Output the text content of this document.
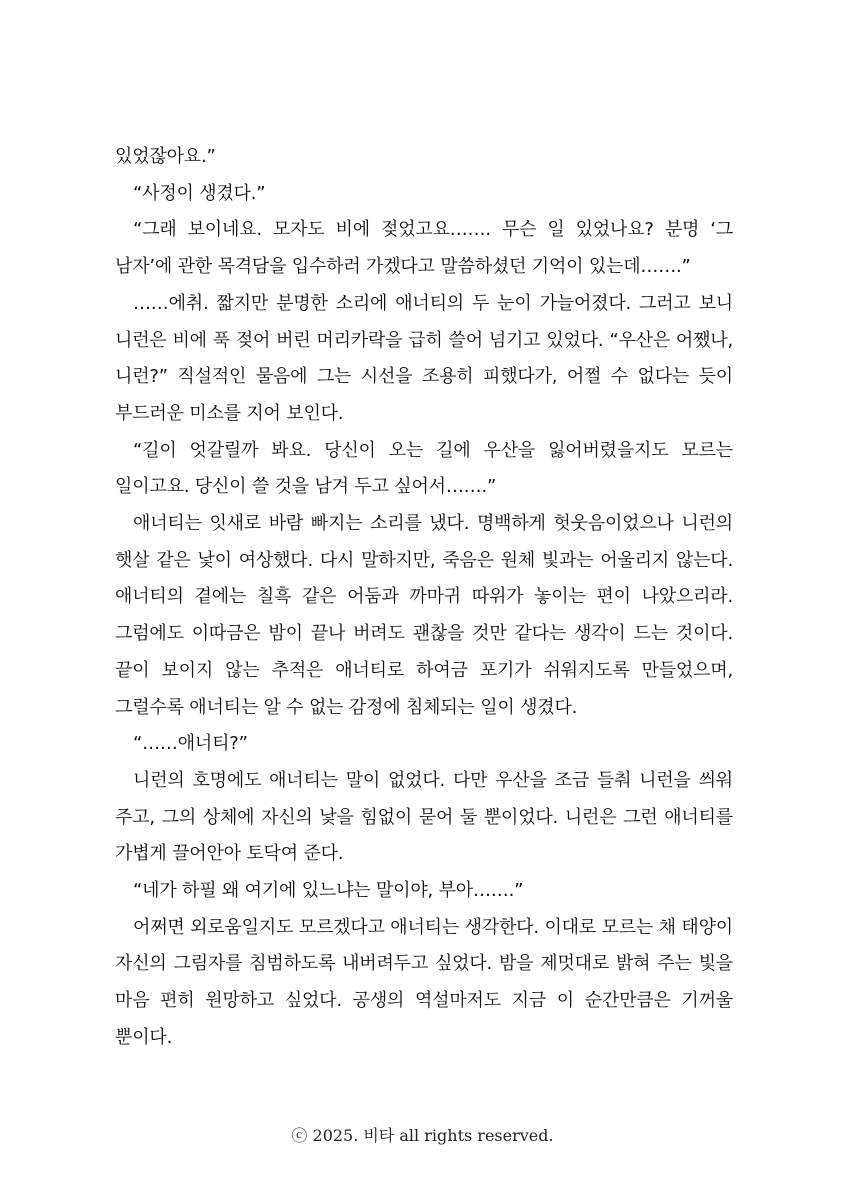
있었잖아요.”

“사정이 생겼다.”

“그래 보이네요. 모자도 비에 젖었고요……. 무슨 일 있었나요? 분명 ‘그 남자’에 관한 목격담을 입수하러 가겠다고 말씀하셨던 기억이 있는데…….”

……에취. 짧지만 분명한 소리에 애너티의 두 눈이 가늘어졌다. 그러고 보니 니런은 비에 푹 젖어 버린 머리카락을 급히 쓸어 넘기고 있었다. “우산은 어쨌나, 니런?” 직설적인 물음에 그는 시선을 조용히 피했다가, 어쩔 수 없다는 듯이 부드러운 미소를 지어 보인다.

“길이 엇갈릴까 봐요. 당신이 오는 길에 우산을 잃어버렸을지도 모르는 일이고요. 당신이 쓸 것을 남겨 두고 싶어서…….”

애너티는 잇새로 바람 빠지는 소리를 냈다. 명백하게 헛웃음이었으나 니런의 햇살 같은 낯이 여상했다. 다시 말하지만, 죽음은 원체 빛과는 어울리지 않는다. 애너티의 곁에는 칠흑 같은 어둠과 까마귀 따위가 놓이는 편이 나았으리라. 그럼에도 이따금은 밤이 끝나 버려도 괜찮을 것만 같다는 생각이 드는 것이다. 끝이 보이지 않는 추적은 애너티로 하여금 포기가 쉬워지도록 만들었으며, 그럴수록 애너티는 알 수 없는 감정에 침체되는 일이 생겼다.

“……애너티?”

니런의 호명에도 애너티는 말이 없었다. 다만 우산을 조금 들춰 니런을 씌워 주고, 그의 상체에 자신의 낯을 힘없이 묻어 둘 뿐이었다. 니런은 그런 애너티를 가볍게 끌어안아 토닥여 준다.

“네가 하필 왜 여기에 있느냐는 말이야, 부아…….”

어쩌면 외로움일지도 모르겠다고 애너티는 생각한다. 이대로 모르는 채 태양이 자신의 그림자를 침범하도록 내버려두고 싶었다. 밤을 제멋대로 밝혀 주는 빛을 마음 편히 원망하고 싶었다. 공생의 역설마저도 지금 이 순간만큼은 기꺼울 뿐이다.

ⓒ 2025. 비타 all rights reserved.
